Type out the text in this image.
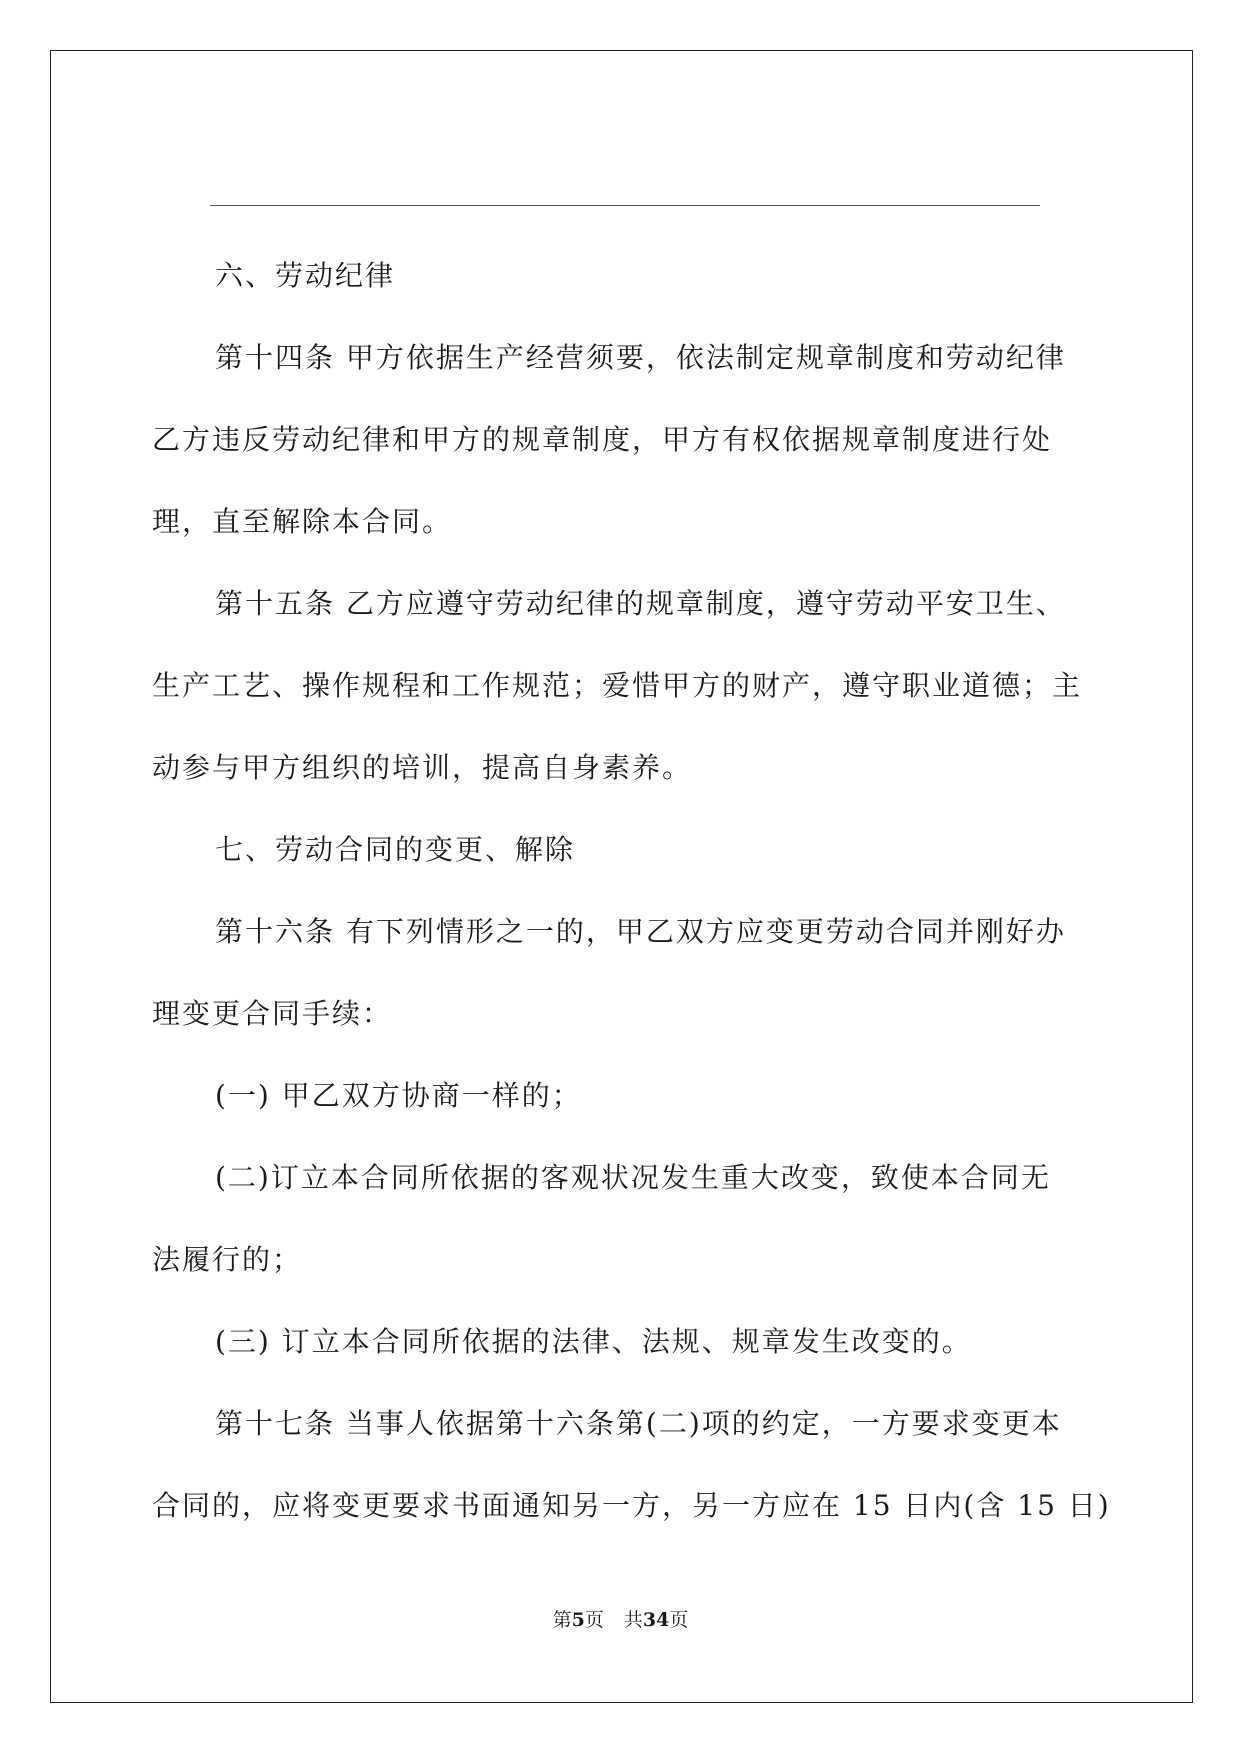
六、劳动纪律
第十四条 甲方依据生产经营须要，依法制定规章制度和劳动纪律
乙方违反劳动纪律和甲方的规章制度，甲方有权依据规章制度进行处
理，直至解除本合同。
第十五条 乙方应遵守劳动纪律的规章制度，遵守劳动平安卫生、
生产工艺、操作规程和工作规范；爱惜甲方的财产，遵守职业道德；主
动参与甲方组织的培训，提高自身素养。
七、劳动合同的变更、解除
第十六条 有下列情形之一的，甲乙双方应变更劳动合同并刚好办
理变更合同手续：
(一) 甲乙双方协商一样的；
(二)订立本合同所依据的客观状况发生重大改变，致使本合同无
法履行的；
(三) 订立本合同所依据的法律、法规、规章发生改变的。
第十七条 当事人依据第十六条第(二)项的约定，一方要求变更本
合同的，应将变更要求书面通知另一方，另一方应在 15 日内(含 15 日)
第5页 共34页
